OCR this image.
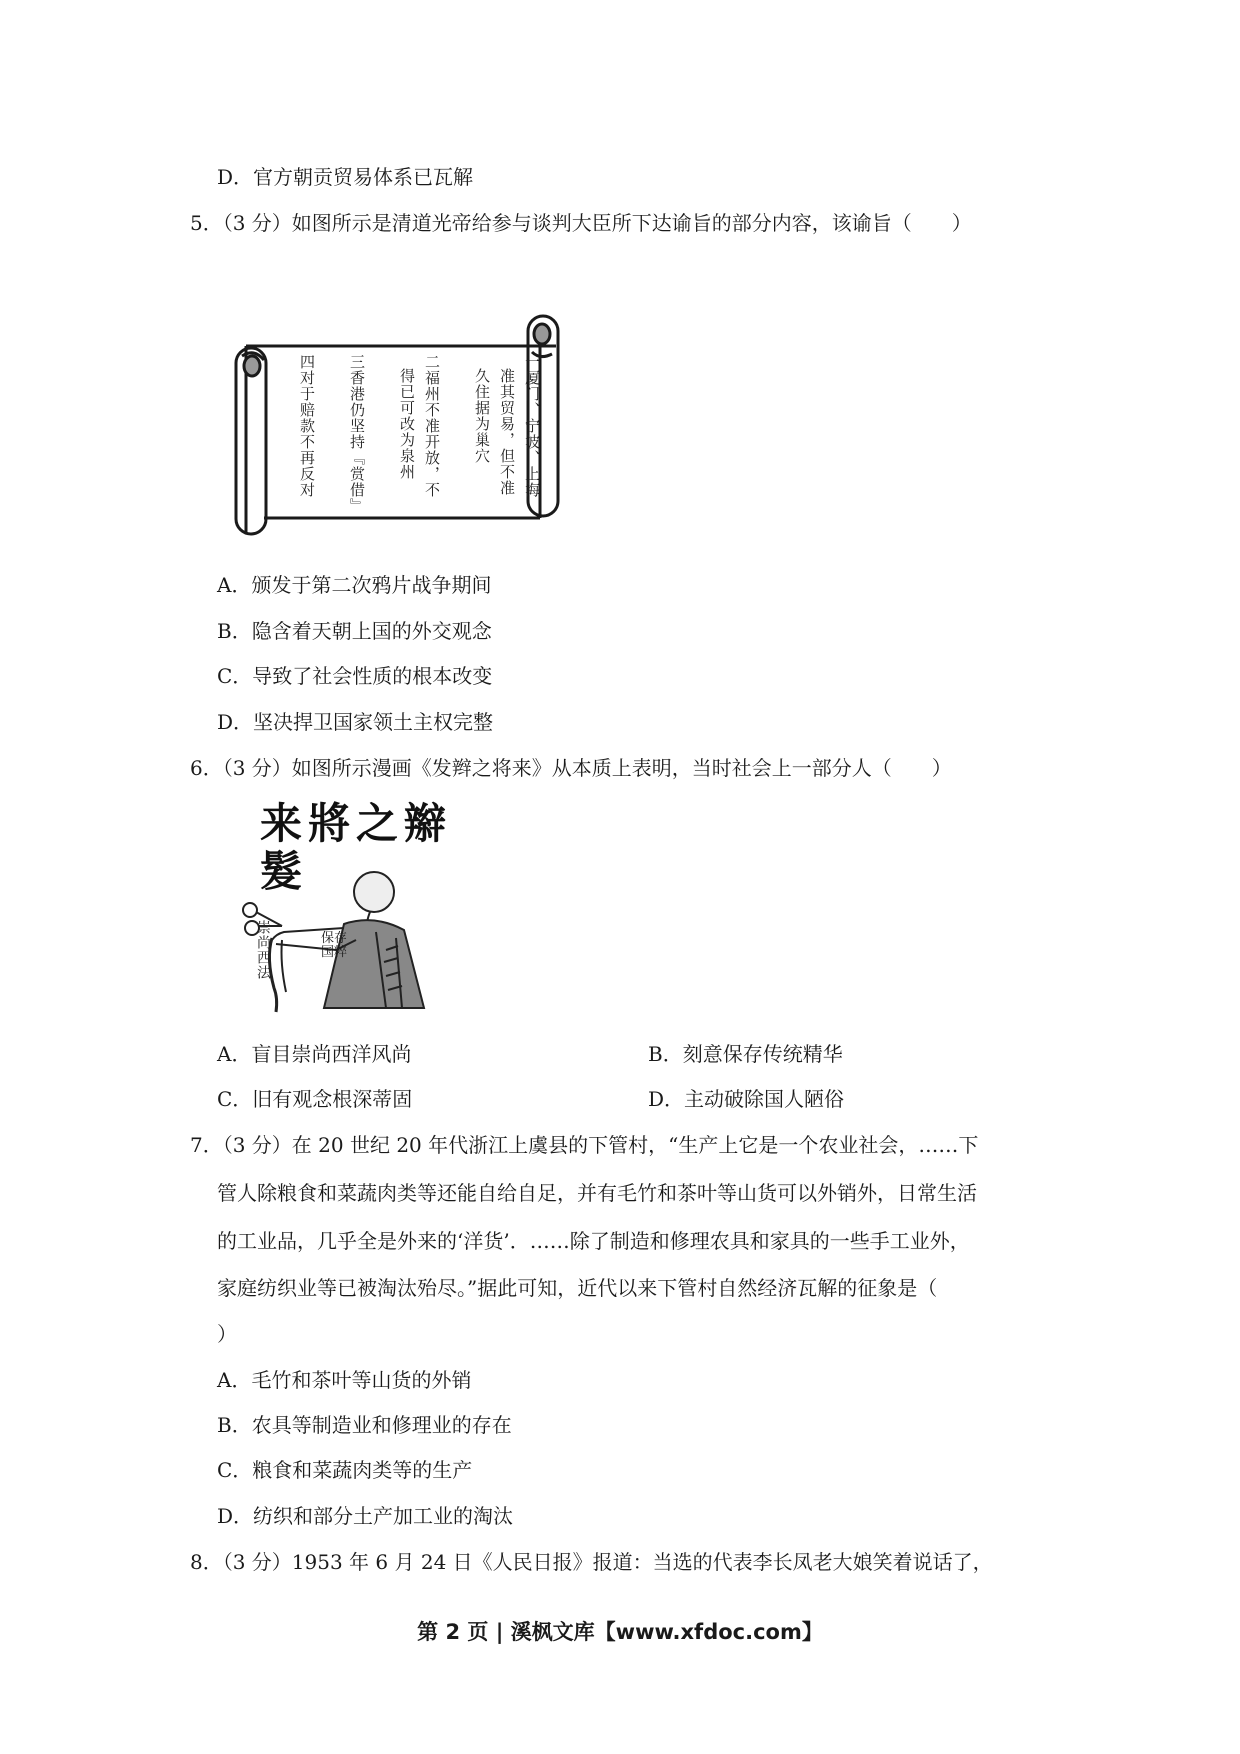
D．官方朝贡贸易体系已瓦解
5．（3 分）如图所示是清道光帝给参与谈判大臣所下达谕旨的部分内容，该谕旨（　　）
一厦门、宁波、上海
准其贸易，但不准
久住据为巢穴
二福州不准开放，不
得已可改为泉州
三香港仍坚持『赏借』
四对于赔款不再反对
A．颁发于第二次鸦片战争期间
B．隐含着天朝上国的外交观念
C．导致了社会性质的根本改变
D．坚决捍卫国家领土主权完整
6．（3 分）如图所示漫画《发辫之将来》从本质上表明，当时社会上一部分人（　　）
来將之辮髮
崇尚西法	保存国粹
A．盲目崇尚西洋风尚	B．刻意保存传统精华
C．旧有观念根深蒂固	D．主动破除国人陋俗
7．（3 分）在 20 世纪 20 年代浙江上虞县的下管村，“生产上它是一个农业社会，……下
管人除粮食和菜蔬肉类等还能自给自足，并有毛竹和茶叶等山货可以外销外，日常生活
的工业品，几乎全是外来的‘洋货’．……除了制造和修理农具和家具的一些手工业外，
家庭纺织业等已被淘汰殆尽。”据此可知，近代以来下管村自然经济瓦解的征象是（
）
A．毛竹和茶叶等山货的外销
B．农具等制造业和修理业的存在
C．粮食和菜蔬肉类等的生产
D．纺织和部分土产加工业的淘汰
8．（3 分）1953 年 6 月 24 日《人民日报》报道：当选的代表李长凤老大娘笑着说话了，
第 2 页 | 溪枫文库【www.xfdoc.com】
